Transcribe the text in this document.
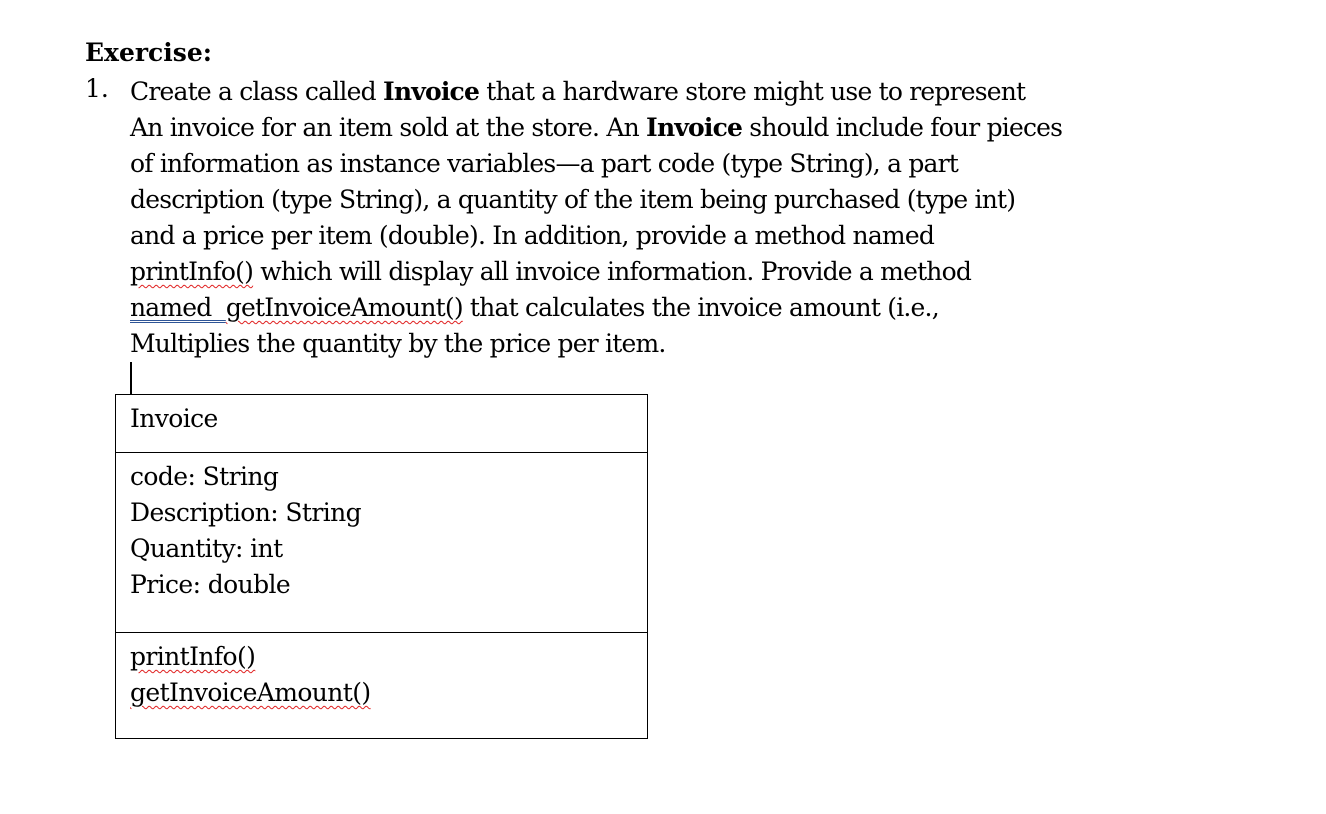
Exercise:
1. Create a class called Invoice that a hardware store might use to represent
An invoice for an item sold at the store. An Invoice should include four pieces
of information as instance variables—a part code (type String), a part
description (type String), a quantity of the item being purchased (type int)
and a price per item (double). In addition, provide a method named
printInfo() which will display all invoice information. Provide a method
named getInvoiceAmount() that calculates the invoice amount (i.e.,
Multiplies the quantity by the price per item.
Invoice
code: String
Description: String
Quantity: int
Price: double
printInfo()
getInvoiceAmount()
